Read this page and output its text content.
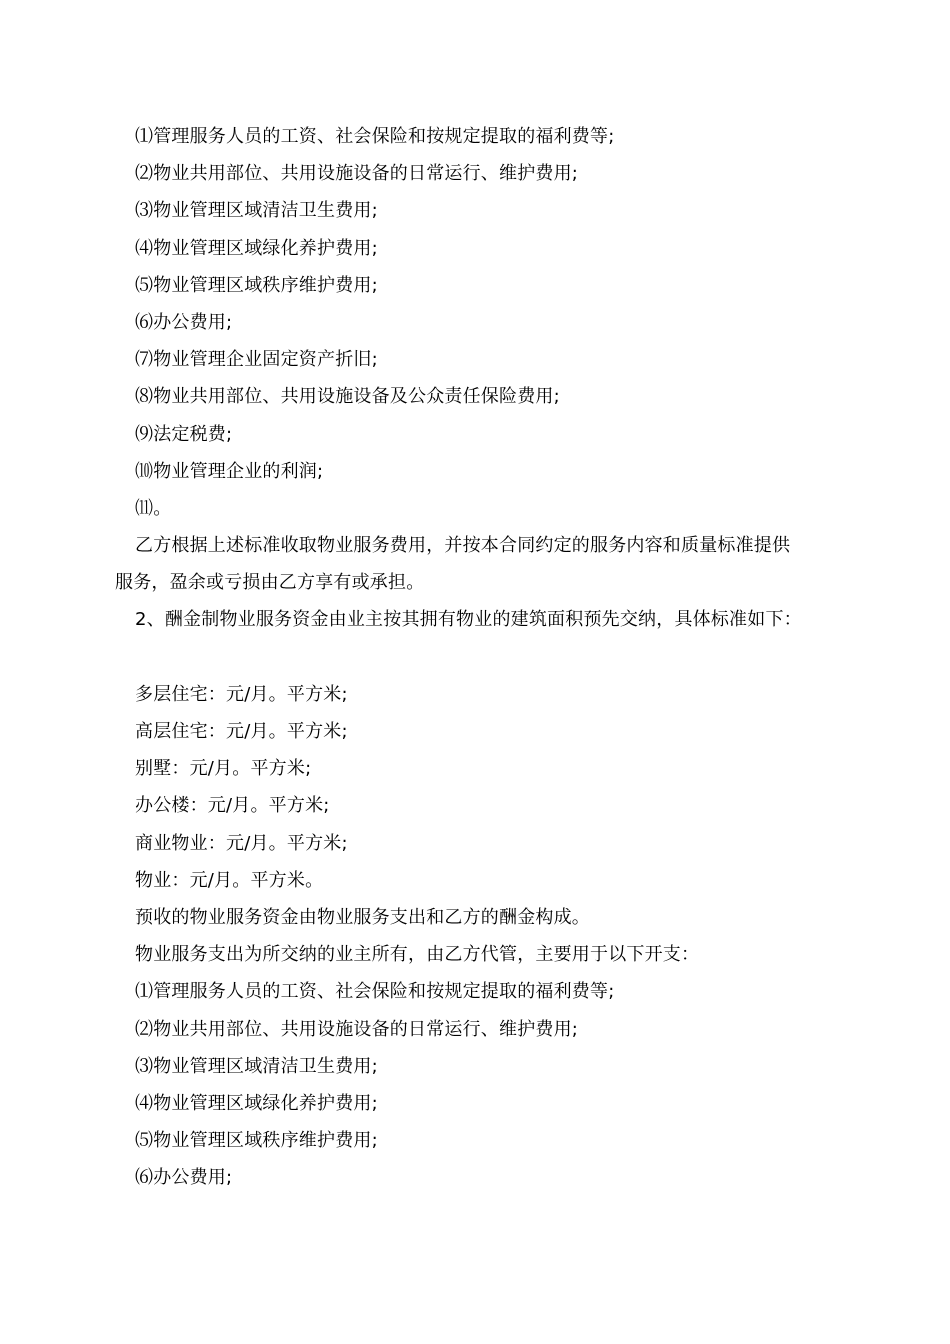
⑴管理服务人员的工资、社会保险和按规定提取的福利费等;
⑵物业共用部位、共用设施设备的日常运行、维护费用;
⑶物业管理区域清洁卫生费用;
⑷物业管理区域绿化养护费用;
⑸物业管理区域秩序维护费用;
⑹办公费用;
⑺物业管理企业固定资产折旧;
⑻物业共用部位、共用设施设备及公众责任保险费用;
⑼法定税费;
⑽物业管理企业的利润;
⑾。
乙方根据上述标准收取物业服务费用，并按本合同约定的服务内容和质量标准提供
服务，盈余或亏损由乙方享有或承担。
2、酬金制物业服务资金由业主按其拥有物业的建筑面积预先交纳，具体标准如下：
多层住宅：元/月。平方米;
高层住宅：元/月。平方米;
别墅：元/月。平方米;
办公楼：元/月。平方米;
商业物业：元/月。平方米;
物业：元/月。平方米。
预收的物业服务资金由物业服务支出和乙方的酬金构成。
物业服务支出为所交纳的业主所有，由乙方代管，主要用于以下开支：
⑴管理服务人员的工资、社会保险和按规定提取的福利费等;
⑵物业共用部位、共用设施设备的日常运行、维护费用;
⑶物业管理区域清洁卫生费用;
⑷物业管理区域绿化养护费用;
⑸物业管理区域秩序维护费用;
⑹办公费用;
